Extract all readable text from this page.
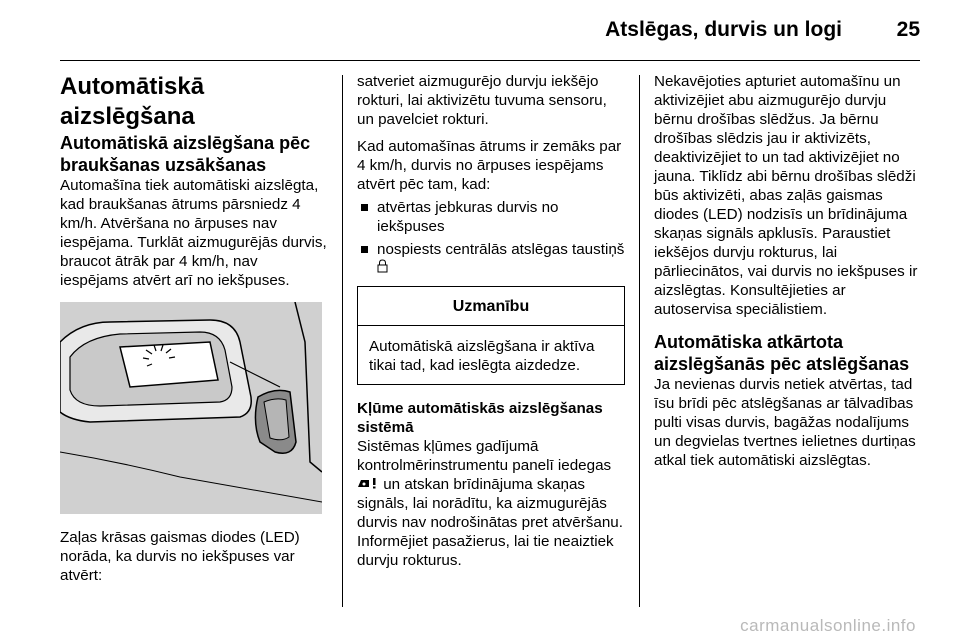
Atslēgas, durvis un logi	25

Automātiskā aizslēgšana

Automātiskā aizslēgšana pēc braukšanas uzsākšanas

Automašīna tiek automātiski aizslēgta, kad braukšanas ātrums pārsniedz 4 km/h. Atvēršana no ārpuses nav iespējama. Turklāt aizmugurējās durvis, braucot ātrāk par 4 km/h, nav iespējams atvērt arī no iekšpuses.

Zaļas krāsas gaismas diodes (LED) norāda, ka durvis no iekšpuses var atvērt:

satveriet aizmugurējo durvju iekšējo rokturi, lai aktivizētu tuvuma sensoru, un pavelciet rokturi.

Kad automašīnas ātrums ir zemāks par 4 km/h, durvis no ārpuses iespējams atvērt pēc tam, kad:

atvērtas jebkuras durvis no iekšpuses
nospiests centrālās atslēgas taustiņš
Uzmanību
Automātiskā aizslēgšana ir aktīva tikai tad, kad ieslēgta aizdedze.

Kļūme automātiskās aizslēgšanas sistēmā

Sistēmas kļūmes gadījumā kontrolmērinstrumentu panelī iedegas  un atskan brīdinājuma skaņas signāls, lai norādītu, ka aizmugurējās durvis nav nodrošinātas pret atvēršanu. Informējiet pasažierus, lai tie neaiztiek durvju rokturus.

Nekavējoties apturiet automašīnu un aktivizējiet abu aizmugurējo durvju bērnu drošības slēdžus. Ja bērnu drošības slēdzis jau ir aktivizēts, deaktivizējiet to un tad aktivizējiet no jauna. Tiklīdz abi bērnu drošības slēdži būs aktivizēti, abas zaļās gaismas diodes (LED) nodzisīs un brīdinājuma skaņas signāls apklusīs. Paraustiet iekšējos durvju rokturus, lai pārliecinātos, vai durvis no iekšpuses ir aizslēgtas. Konsultējieties ar autoservisa speciālistiem.

Automātiska atkārtota aizslēgšanās pēc atslēgšanas

Ja nevienas durvis netiek atvērtas, tad īsu brīdi pēc atslēgšanas ar tālvadības pulti visas durvis, bagāžas nodalījums un degvielas tvertnes ielietnes durtiņas atkal tiek automātiski aizslēgtas.

carmanualsonline.info
